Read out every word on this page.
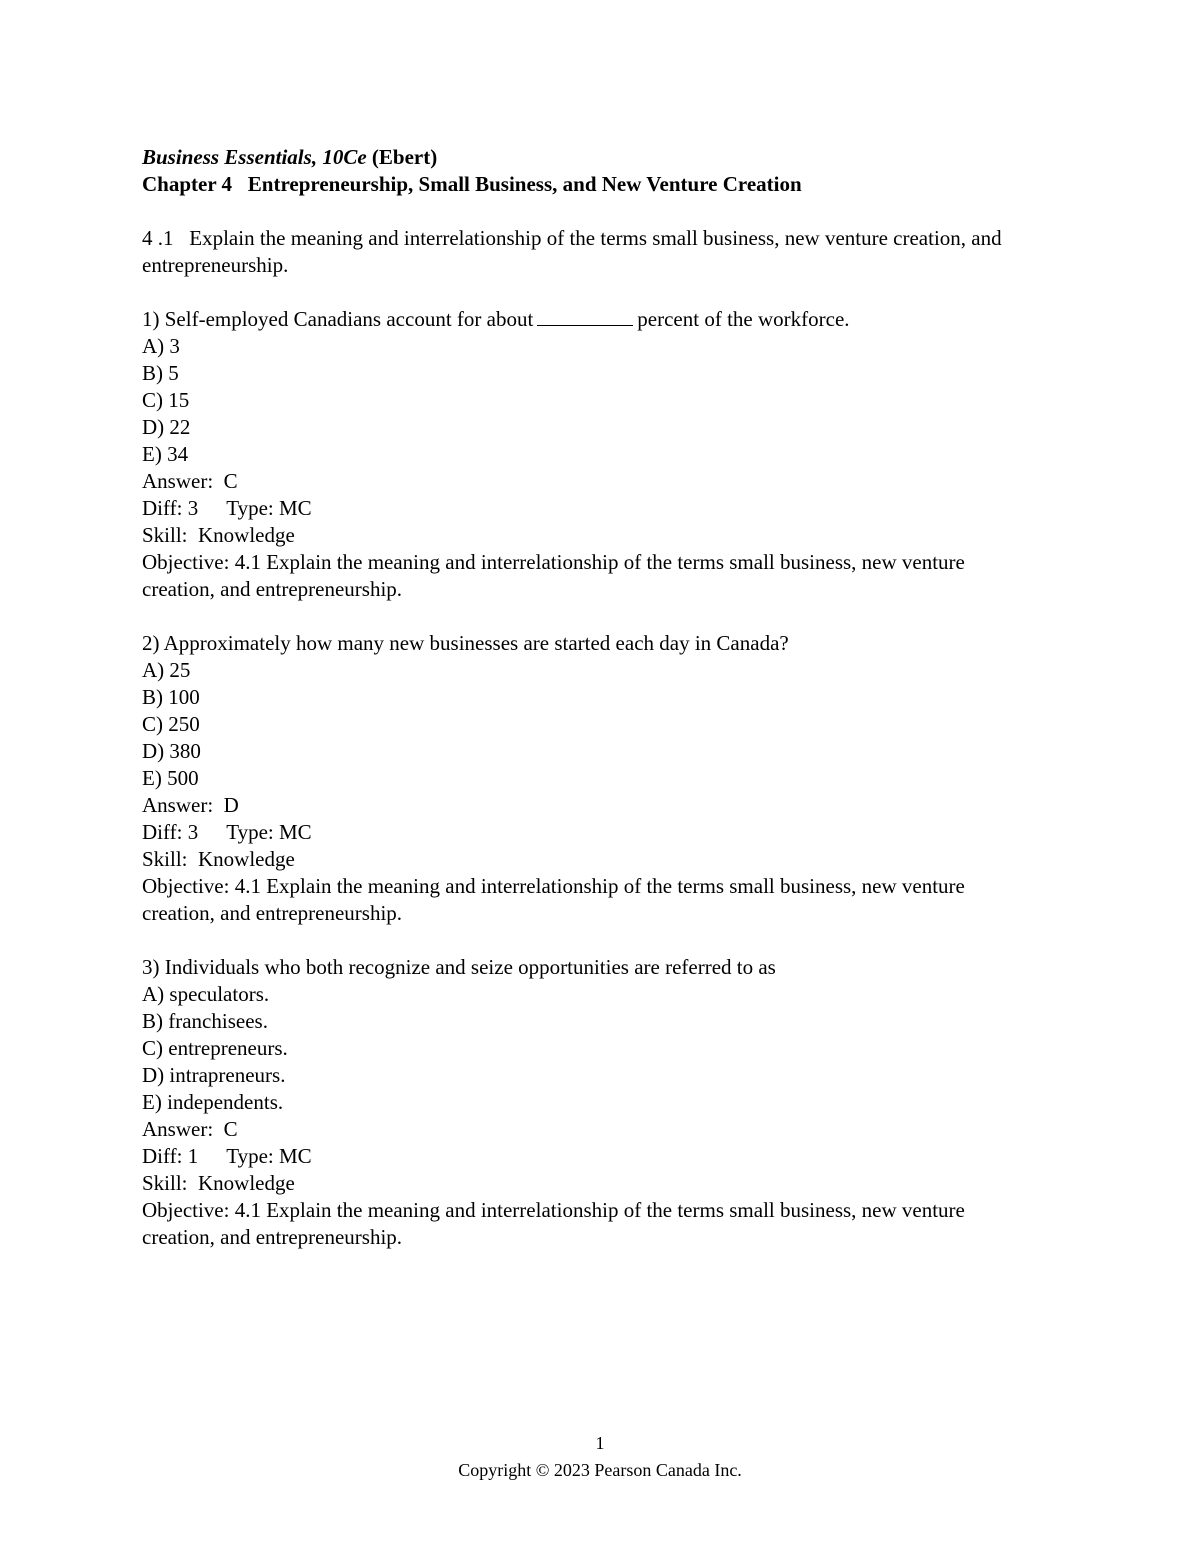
Business Essentials, 10Ce (Ebert)
Chapter 4   Entrepreneurship, Small Business, and New Venture Creation
4 .1 Explain the meaning and interrelationship of the terms small business, new venture creation, and entrepreneurship.
1) Self-employed Canadians account for about	percent of the workforce.
A) 3
B) 5
C) 15
D) 22
E) 34
Answer:  C
Diff: 3 Type: MC
Skill:  Knowledge
Objective: 4.1 Explain the meaning and interrelationship of the terms small business, new venture creation, and entrepreneurship.
2) Approximately how many new businesses are started each day in Canada?
A) 25
B) 100
C) 250
D) 380
E) 500
Answer:  D
Diff: 3 Type: MC
Skill:  Knowledge
Objective: 4.1 Explain the meaning and interrelationship of the terms small business, new venture creation, and entrepreneurship.
3) Individuals who both recognize and seize opportunities are referred to as
A) speculators.
B) franchisees.
C) entrepreneurs.
D) intrapreneurs.
E) independents.
Answer:  C
Diff: 1 Type: MC
Skill:  Knowledge
Objective: 4.1 Explain the meaning and interrelationship of the terms small business, new venture creation, and entrepreneurship.
1
Copyright © 2023 Pearson Canada Inc.
